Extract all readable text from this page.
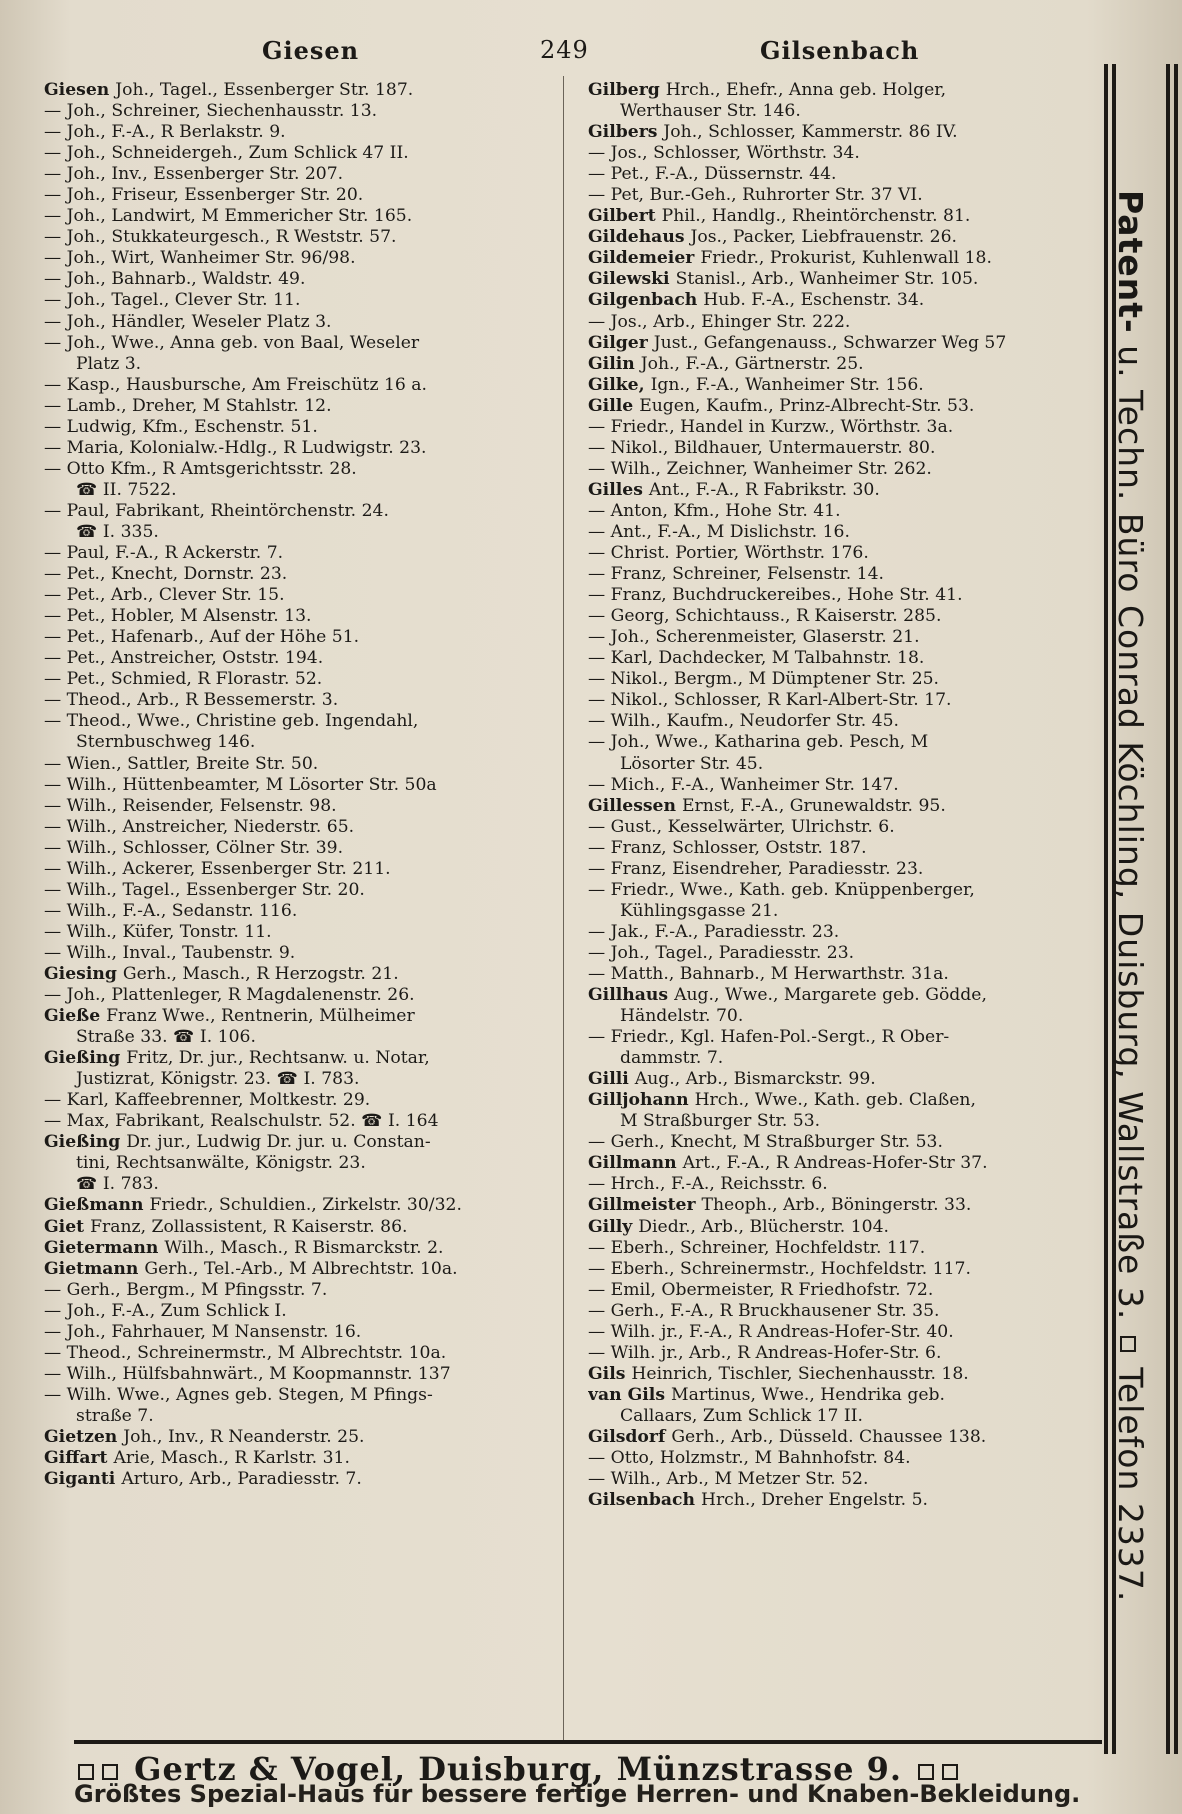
Giesen	249	Gilsenbach
Giesen Joh., Tagel., Essenberger Str. 187.
— Joh., Schreiner, Siechenhausstr. 13.
— Joh., F.-A., R Berlakstr. 9.
— Joh., Schneidergeh., Zum Schlick 47 II.
— Joh., Inv., Essenberger Str. 207.
— Joh., Friseur, Essenberger Str. 20.
— Joh., Landwirt, M Emmericher Str. 165.
— Joh., Stukkateurgesch., R Weststr. 57.
— Joh., Wirt, Wanheimer Str. 96/98.
— Joh., Bahnarb., Waldstr. 49.
— Joh., Tagel., Clever Str. 11.
— Joh., Händler, Weseler Platz 3.
— Joh., Wwe., Anna geb. von Baal, Weseler
Platz 3.
— Kasp., Hausbursche, Am Freischütz 16 a.
— Lamb., Dreher, M Stahlstr. 12.
— Ludwig, Kfm., Eschenstr. 51.
— Maria, Kolonialw.-Hdlg., R Ludwigstr. 23.
— Otto Kfm., R Amtsgerichtsstr. 28.
☎ II. 7522.
— Paul, Fabrikant, Rheintörchenstr. 24.
☎ I. 335.
— Paul, F.-A., R Ackerstr. 7.
— Pet., Knecht, Dornstr. 23.
— Pet., Arb., Clever Str. 15.
— Pet., Hobler, M Alsenstr. 13.
— Pet., Hafenarb., Auf der Höhe 51.
— Pet., Anstreicher, Oststr. 194.
— Pet., Schmied, R Florastr. 52.
— Theod., Arb., R Bessemerstr. 3.
— Theod., Wwe., Christine geb. Ingendahl,
Sternbuschweg 146.
— Wien., Sattler, Breite Str. 50.
— Wilh., Hüttenbeamter, M Lösorter Str. 50a
— Wilh., Reisender, Felsenstr. 98.
— Wilh., Anstreicher, Niederstr. 65.
— Wilh., Schlosser, Cölner Str. 39.
— Wilh., Ackerer, Essenberger Str. 211.
— Wilh., Tagel., Essenberger Str. 20.
— Wilh., F.-A., Sedanstr. 116.
— Wilh., Küfer, Tonstr. 11.
— Wilh., Inval., Taubenstr. 9.
Giesing Gerh., Masch., R Herzogstr. 21.
— Joh., Plattenleger, R Magdalenenstr. 26.
Gieße Franz Wwe., Rentnerin, Mülheimer
Straße 33. ☎ I. 106.
Gießing Fritz, Dr. jur., Rechtsanw. u. Notar,
Justizrat, Königstr. 23. ☎ I. 783.
— Karl, Kaffeebrenner, Moltkestr. 29.
— Max, Fabrikant, Realschulstr. 52. ☎ I. 164
Gießing Dr. jur., Ludwig Dr. jur. u. Constan-
tini, Rechtsanwälte, Königstr. 23.
☎ I. 783.
Gießmann Friedr., Schuldien., Zirkelstr. 30/32.
Giet Franz, Zollassistent, R Kaiserstr. 86.
Gietermann Wilh., Masch., R Bismarckstr. 2.
Gietmann Gerh., Tel.-Arb., M Albrechtstr. 10a.
— Gerh., Bergm., M Pfingsstr. 7.
— Joh., F.-A., Zum Schlick I.
— Joh., Fahrhauer, M Nansenstr. 16.
— Theod., Schreinermstr., M Albrechtstr. 10a.
— Wilh., Hülfsbahnwärt., M Koopmannstr. 137
— Wilh. Wwe., Agnes geb. Stegen, M Pfings-
straße 7.
Gietzen Joh., Inv., R Neanderstr. 25.
Giffart Arie, Masch., R Karlstr. 31.
Giganti Arturo, Arb., Paradiesstr. 7.
Gilberg Hrch., Ehefr., Anna geb. Holger,
Werthauser Str. 146.
Gilbers Joh., Schlosser, Kammerstr. 86 IV.
— Jos., Schlosser, Wörthstr. 34.
— Pet., F.-A., Düssernstr. 44.
— Pet, Bur.-Geh., Ruhrorter Str. 37 VI.
Gilbert Phil., Handlg., Rheintörchenstr. 81.
Gildehaus Jos., Packer, Liebfrauenstr. 26.
Gildemeier Friedr., Prokurist, Kuhlenwall 18.
Gilewski Stanisl., Arb., Wanheimer Str. 105.
Gilgenbach Hub. F.-A., Eschenstr. 34.
— Jos., Arb., Ehinger Str. 222.
Gilger Just., Gefangenauss., Schwarzer Weg 57
Gilin Joh., F.-A., Gärtnerstr. 25.
Gilke, Ign., F.-A., Wanheimer Str. 156.
Gille Eugen, Kaufm., Prinz-Albrecht-Str. 53.
— Friedr., Handel in Kurzw., Wörthstr. 3a.
— Nikol., Bildhauer, Untermauerstr. 80.
— Wilh., Zeichner, Wanheimer Str. 262.
Gilles Ant., F.-A., R Fabrikstr. 30.
— Anton, Kfm., Hohe Str. 41.
— Ant., F.-A., M Dislichstr. 16.
— Christ. Portier, Wörthstr. 176.
— Franz, Schreiner, Felsenstr. 14.
— Franz, Buchdruckereibes., Hohe Str. 41.
— Georg, Schichtauss., R Kaiserstr. 285.
— Joh., Scherenmeister, Glaserstr. 21.
— Karl, Dachdecker, M Talbahnstr. 18.
— Nikol., Bergm., M Dümptener Str. 25.
— Nikol., Schlosser, R Karl-Albert-Str. 17.
— Wilh., Kaufm., Neudorfer Str. 45.
— Joh., Wwe., Katharina geb. Pesch, M
Lösorter Str. 45.
— Mich., F.-A., Wanheimer Str. 147.
Gillessen Ernst, F.-A., Grunewaldstr. 95.
— Gust., Kesselwärter, Ulrichstr. 6.
— Franz, Schlosser, Oststr. 187.
— Franz, Eisendreher, Paradiesstr. 23.
— Friedr., Wwe., Kath. geb. Knüppenberger,
Kühlingsgasse 21.
— Jak., F.-A., Paradiesstr. 23.
— Joh., Tagel., Paradiesstr. 23.
— Matth., Bahnarb., M Herwarthstr. 31a.
Gillhaus Aug., Wwe., Margarete geb. Gödde,
Händelstr. 70.
— Friedr., Kgl. Hafen-Pol.-Sergt., R Ober-
dammstr. 7.
Gilli Aug., Arb., Bismarckstr. 99.
Gilljohann Hrch., Wwe., Kath. geb. Claßen,
M Straßburger Str. 53.
— Gerh., Knecht, M Straßburger Str. 53.
Gillmann Art., F.-A., R Andreas-Hofer-Str 37.
— Hrch., F.-A., Reichsstr. 6.
Gillmeister Theoph., Arb., Böningerstr. 33.
Gilly Diedr., Arb., Blücherstr. 104.
— Eberh., Schreiner, Hochfeldstr. 117.
— Eberh., Schreinermstr., Hochfeldstr. 117.
— Emil, Obermeister, R Friedhofstr. 72.
— Gerh., F.-A., R Bruckhausener Str. 35.
— Wilh. jr., F.-A., R Andreas-Hofer-Str. 40.
— Wilh. jr., Arb., R Andreas-Hofer-Str. 6.
Gils Heinrich, Tischler, Siechenhausstr. 18.
van Gils Martinus, Wwe., Hendrika geb.
Callaars, Zum Schlick 17 II.
Gilsdorf Gerh., Arb., Düsseld. Chaussee 138.
— Otto, Holzmstr., M Bahnhofstr. 84.
— Wilh., Arb., M Metzer Str. 52.
Gilsenbach Hrch., Dreher Engelstr. 5.
Patent- u. Techn. Büro Conrad Köchling, Duisburg, Wallstraße 3.  Telefon 2337.
Gertz & Vogel, Duisburg, Münzstrasse 9.
Größtes Spezial-Haus für bessere fertige Herren- und Knaben-Bekleidung.
